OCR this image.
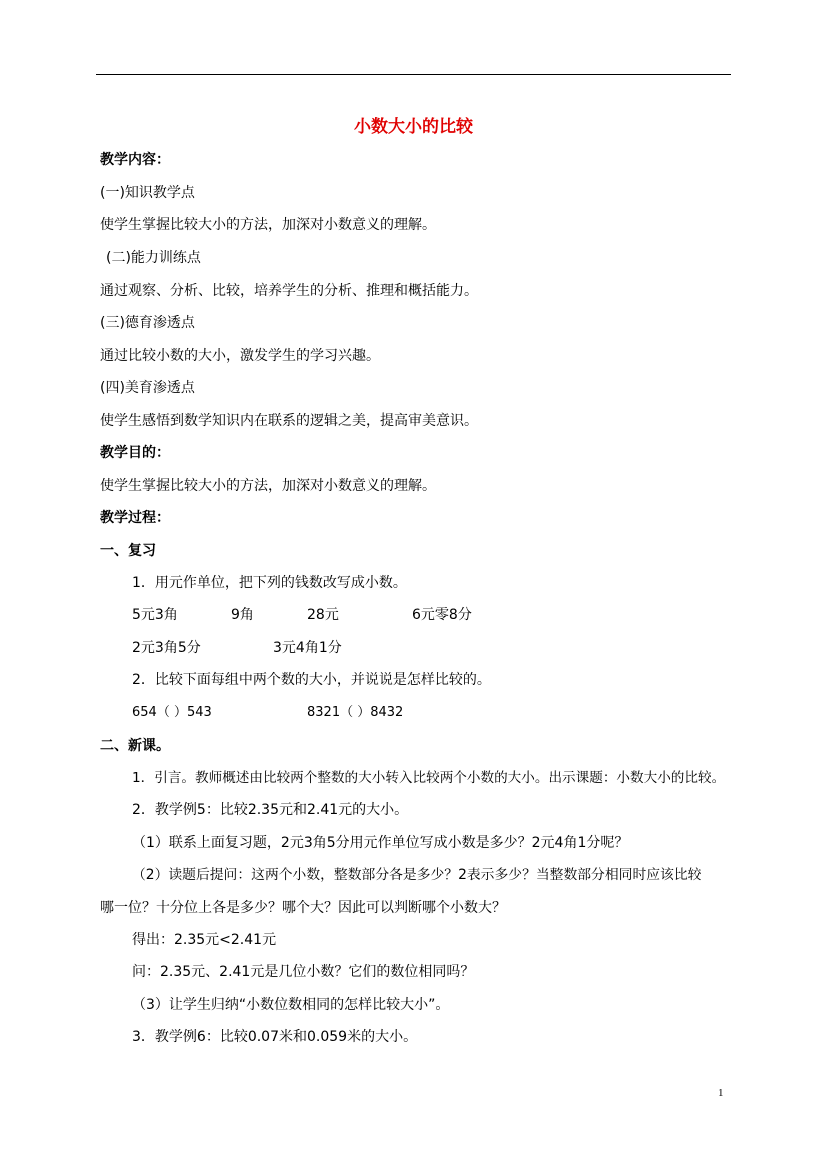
小数大小的比较
教学内容：
(一)知识教学点
使学生掌握比较大小的方法，加深对小数意义的理解。
(二)能力训练点
通过观察、分析、比较，培养学生的分析、推理和概括能力。
(三)德育渗透点
通过比较小数的大小，激发学生的学习兴趣。
(四)美育渗透点
使学生感悟到数学知识内在联系的逻辑之美，提高审美意识。
教学目的：
使学生掌握比较大小的方法，加深对小数意义的理解。
教学过程：
一、复习
1．用元作单位，把下列的钱数改写成小数。
5元3角	9角	28元	6元零8分
2元3角5分	3元4角1分
2．比较下面每组中两个数的大小，并说说是怎样比较的。
654（ ）543	8321（ ）8432
二、新课。
1．引言。教师概述由比较两个整数的大小转入比较两个小数的大小。出示课题：小数大小的比较。
2．教学例5：比较2.35元和2.41元的大小。
（1）联系上面复习题，2元3角5分用元作单位写成小数是多少？2元4角1分呢？
（2）读题后提问：这两个小数，整数部分各是多少？2表示多少？当整数部分相同时应该比较
哪一位？十分位上各是多少？哪个大？因此可以判断哪个小数大？
得出：2.35元<2.41元
问：2.35元、2.41元是几位小数？它们的数位相同吗？
（3）让学生归纳“小数位数相同的怎样比较大小”。
3．教学例6：比较0.07米和0.059米的大小。
1
